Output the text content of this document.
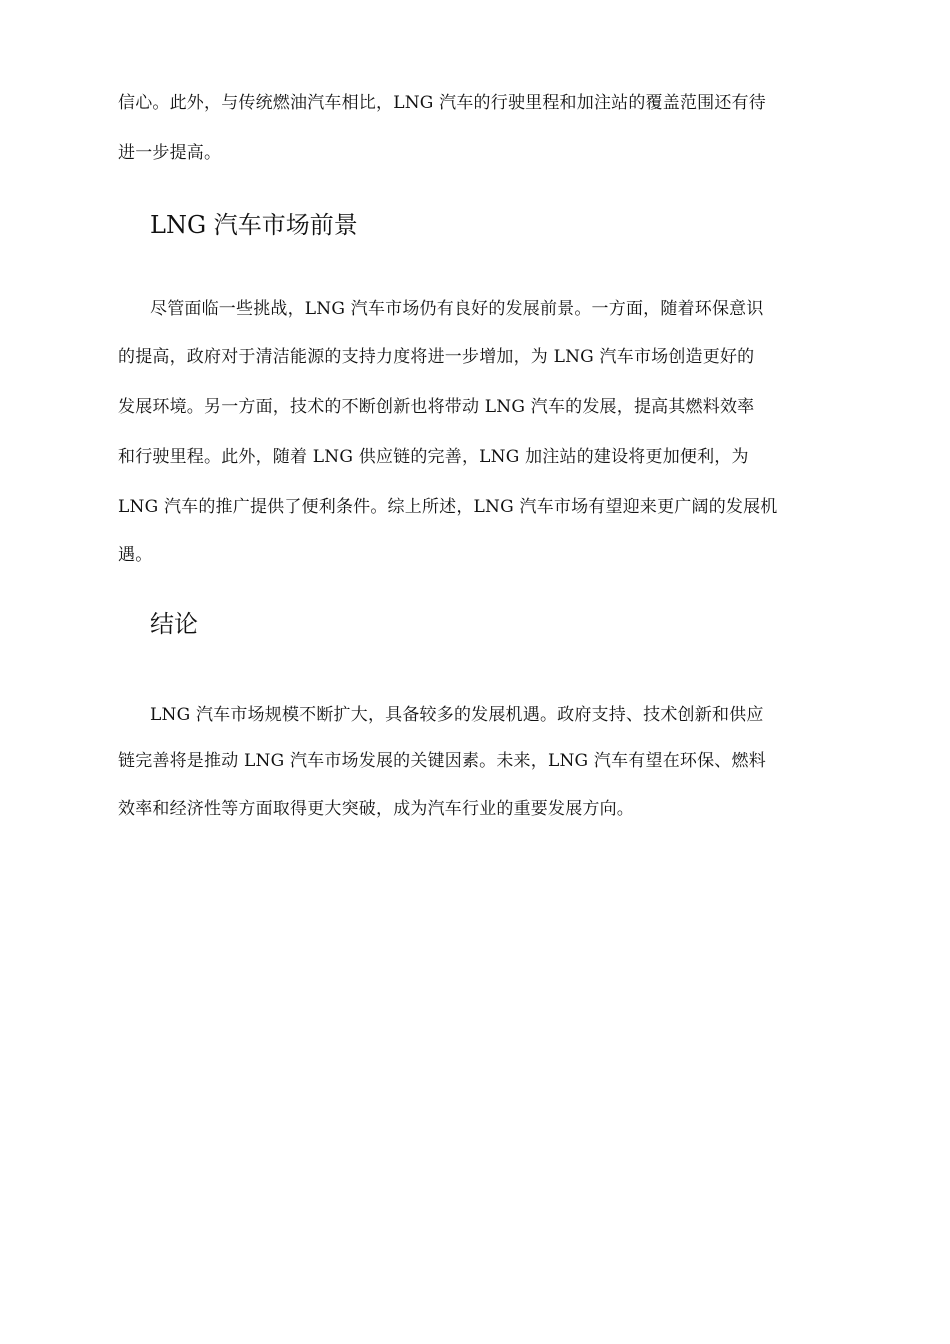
信心。此外，与传统燃油汽车相比，LNG 汽车的行驶里程和加注站的覆盖范围还有待
进一步提高。
LNG 汽车市场前景
尽管面临一些挑战，LNG 汽车市场仍有良好的发展前景。一方面，随着环保意识
的提高，政府对于清洁能源的支持力度将进一步增加，为 LNG 汽车市场创造更好的
发展环境。另一方面，技术的不断创新也将带动 LNG 汽车的发展，提高其燃料效率
和行驶里程。此外，随着 LNG 供应链的完善，LNG 加注站的建设将更加便利，为
LNG 汽车的推广提供了便利条件。综上所述，LNG 汽车市场有望迎来更广阔的发展机
遇。
结论
LNG 汽车市场规模不断扩大，具备较多的发展机遇。政府支持、技术创新和供应
链完善将是推动 LNG 汽车市场发展的关键因素。未来，LNG 汽车有望在环保、燃料
效率和经济性等方面取得更大突破，成为汽车行业的重要发展方向。
